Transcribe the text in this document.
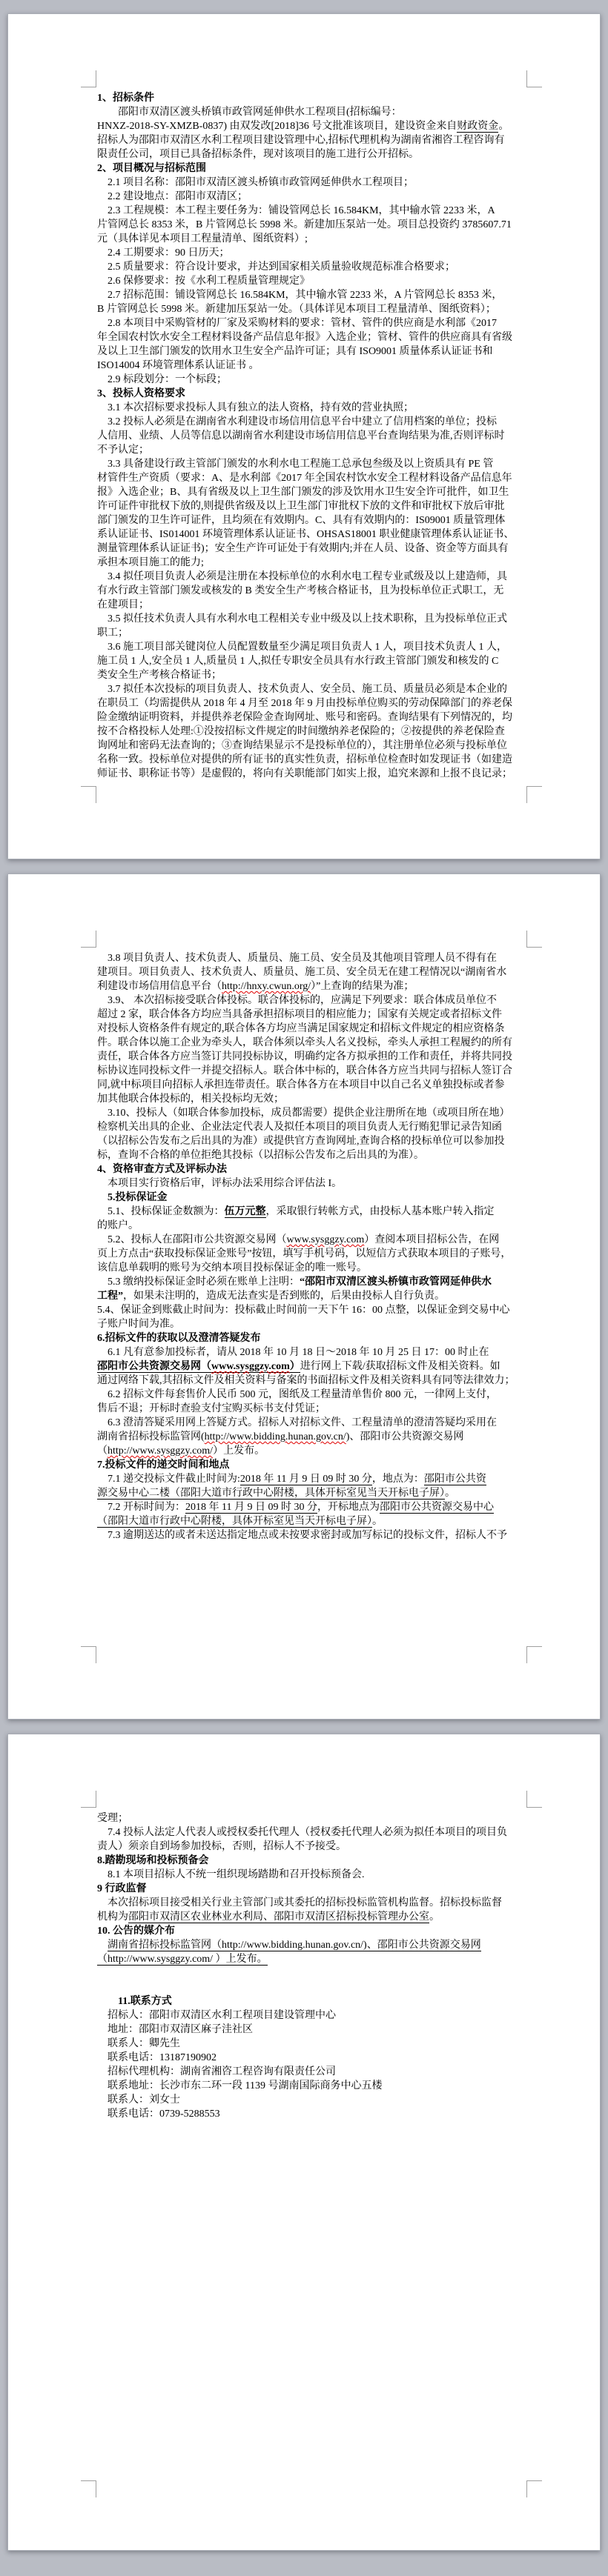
1、招标条件
邵阳市双清区渡头桥镇市政管网延伸供水工程项目(招标编号：
HNXZ-2018-SY-XMZB-0837) 由双发改[2018]36 号文批准该项目，建设资金来自财政资金。
招标人为邵阳市双清区水利工程项目建设管理中心,招标代理机构为湖南省湘咨工程咨询有
限责任公司，项目已具备招标条件，现对该项目的施工进行公开招标。
2、项目概况与招标范围
2.1 项目名称：邵阳市双清区渡头桥镇市政管网延伸供水工程项目；
2.2 建设地点：邵阳市双清区；
2.3 工程规模：本工程主要任务为：铺设管网总长 16.584KM，其中输水管 2233 米，A
片管网总长 8353 米，B 片管网总长 5998 米。新建加压泵站一处。项目总投资约 3785607.71
元（具体详见本项目工程量清单、图纸资料）;
2.4 工期要求：90 日历天；
2.5 质量要求：符合设计要求，并达到国家相关质量验收规范标准合格要求；
2.6 保修要求：按《水利工程质量管理规定》
2.7 招标范围：铺设管网总长 16.584KM，其中输水管 2233 米，A 片管网总长 8353 米，
B 片管网总长 5998 米。新建加压泵站一处。（具体详见本项目工程量清单、图纸资料）；
2.8 本项目中采购管材的厂家及采购材料的要求：管材、管件的供应商是水利部《2017
年全国农村饮水安全工程材料设备产品信息年报》入选企业；管材、管件的供应商具有省级
及以上卫生部门颁发的饮用水卫生安全产品许可证；具有 ISO9001 质量体系认证证书和
ISO14004 环境管理体系认证证书 。
2.9 标段划分：一个标段；
3、投标人资格要求
3.1 本次招标要求投标人具有独立的法人资格，持有效的营业执照；
3.2 投标人必须是在湖南省水利建设市场信用信息平台中建立了信用档案的单位；投标
人信用、业绩、人员等信息以湖南省水利建设市场信用信息平台查询结果为准,否则评标时
不予认定；
3.3 具备建设行政主管部门颁发的水利水电工程施工总承包叁级及以上资质具有 PE 管
材管件生产资质（要求：A、是水利部《2017 年全国农村饮水安全工程材料设备产品信息年
报》入选企业；B、具有省级及以上卫生部门颁发的涉及饮用水卫生安全许可批件，如卫生
许可证件审批权下放的,则提供省级及以上卫生部门审批权下放的文件和审批权下放后审批
部门颁发的卫生许可证件，且均须在有效期内。C、具有有效期内的：IS09001 质量管理体
系认证证书、IS014001 环境管理体系认证证书、OHSAS18001 职业健康管理体系认证证书、
测量管理体系认证证书)；安全生产许可证处于有效期内;并在人员、设备、资金等方面具有
承担本项目施工的能力;
3.4 拟任项目负责人必须是注册在本投标单位的水利水电工程专业贰级及以上建造师，具
有水行政主管部门颁发或核发的 B 类安全生产考核合格证书，且为投标单位正式职工，无
在建项目；
3.5 拟任技术负责人具有水利水电工程相关专业中级及以上技术职称，且为投标单位正式
职工；
3.6 施工项目部关键岗位人员配置数量至少满足项目负责人 1 人，项目技术负责人 1 人，
施工员 1 人,安全员 1 人,质量员 1 人,拟任专职安全员具有水行政主管部门颁发和核发的 C
类安全生产考核合格证书；
3.7 拟任本次投标的项目负责人、技术负责人、安全员、施工员、质量员必须是本企业的
在职员工（均需提供从 2018 年 4 月至 2018 年 9 月由投标单位购买的劳动保障部门的养老保
险金缴纳证明资料，并提供养老保险金查询网址、账号和密码。查询结果有下列情况的，均
按不合格投标人处理:①没按招标文件规定的时间缴纳养老保险的；②按提供的养老保险查
询网址和密码无法查询的；③查询结果显示不是投标单位的），其注册单位必须与投标单位
名称一致。投标单位对提供的所有证书的真实性负责，招标单位检查时如发现证书（如建造
师证书、职称证书等）是虚假的，将向有关职能部门如实上报，追究来源和上报不良记录；
3.8 项目负责人、技术负责人、质量员、施工员、安全员及其他项目管理人员不得有在
建项目。项目负责人、技术负责人、质量员、施工员、安全员无在建工程情况以“湖南省水
利建设市场信用信息平台（http://hnxy.cwun.org/）”上查询的结果为准；
3.9、 本次招标接受联合体投标。联合体投标的，应满足下列要求：联合体成员单位不
超过 2 家，联合体各方均应当具备承担招标项目的相应能力；国家有关规定或者招标文件
对投标人资格条件有规定的,联合体各方均应当满足国家规定和招标文件规定的相应资格条
件。联合体以施工企业为牵头人，联合体须以牵头人名义投标，牵头人承担工程履约的所有
责任，联合体各方应当签订共同投标协议，明确约定各方拟承担的工作和责任，并将共同投
标协议连同投标文件一并提交招标人。联合体中标的，联合体各方应当共同与招标人签订合
同,就中标项目向招标人承担连带责任。联合体各方在本项目中以自己名义单独投标或者参
加其他联合体投标的，相关投标均无效；
3.10、投标人（如联合体参加投标，成员都需要）提供企业注册所在地（或项目所在地）
检察机关出具的企业、企业法定代表人及拟任本项目的项目负责人无行贿犯罪记录告知函
（以招标公告发布之后出具的为准）或提供官方查询网址,查询合格的投标单位可以参加投
标，查询不合格的单位拒绝其投标（以招标公告发布之后出具的为准）。
4、资格审查方式及评标办法
本项目实行资格后审，评标办法采用综合评估法 I。
5.投标保证金
5.1、投标保证金数额为：伍万元整，采取银行转帐方式，由投标人基本账户转入指定
的账户。
5.2、投标人在邵阳市公共资源交易网（www.sysggzy.com）查阅本项目招标公告，在网
页上方点击“获取投标保证金账号”按钮，填写手机号码，以短信方式获取本项目的子账号，
该信息单载明的账号为交纳本项目投标保证金的唯一账号。
5.3 缴纳投标保证金时必须在账单上注明：“邵阳市双清区渡头桥镇市政管网延伸供水
工程”，如果未注明的，造成无法查实是否到账的，后果由投标人自行负责。
5.4、保证金到账截止时间为：投标截止时间前一天下午 16：00 点整，以保证金到交易中心
子账户时间为准。
6.招标文件的获取以及澄清答疑发布
6.1 凡有意参加投标者，请从 2018 年 10 月 18 日～2018 年 10 月 25 日 17：00 时止在
邵阳市公共资源交易网（www.sysggzy.com）进行网上下载/获取招标文件及相关资料。如
通过网络下载,其招标文件及相关资料与备案的书面招标文件及相关资料具有同等法律效力；
6.2 招标文件每套售价人民币 500 元，图纸及工程量清单售价 800 元，一律网上支付，
售后不退；开标时查验支付宝购买标书支付凭证；
6.3 澄清答疑采用网上答疑方式。招标人对招标文件、工程量清单的澄清答疑均采用在
湖南省招标投标监管网(http://www.bidding.hunan.gov.cn/)、邵阳市公共资源交易网
（http://www.sysggzy.com/）上发布。
7.投标文件的递交时间和地点
7.1 递交投标文件截止时间为:2018 年 11 月 9 日 09 时 30 分，地点为：邵阳市公共资
源交易中心二楼（邵阳大道市行政中心附楼，具体开标室见当天开标电子屏）。
7.2 开标时间为：2018 年 11 月 9 日 09 时 30 分，开标地点为邵阳市公共资源交易中心
（邵阳大道市行政中心附楼，具体开标室见当天开标电子屏）。
7.3 逾期送达的或者未送达指定地点或未按要求密封或加写标记的投标文件，招标人不予
受理；
7.4 投标人法定人代表人或授权委托代理人（授权委托代理人必须为拟任本项目的项目负
责人）须亲自到场参加投标，否则，招标人不予接受。
8.踏勘现场和投标预备会
8.1 本项目招标人不统一组织现场踏勘和召开投标预备会.
9 行政监督
本次招标项目接受相关行业主管部门或其委托的招标投标监管机构监督。招标投标监督
机构为邵阳市双清区农业林业水利局、邵阳市双清区招标投标管理办公室。
10. 公告的媒介布
湖南省招标投标监管网（http://www.bidding.hunan.gov.cn/)、邵阳市公共资源交易网
（http://www.sysggzy.com/ ）上发布。

11.联系方式
招标人：邵阳市双清区水利工程项目建设管理中心
地址：邵阳市双清区麻子洼社区
联系人：卿先生
联系电话：13187190902
招标代理机构：湖南省湘咨工程咨询有限责任公司
联系地址：长沙市东二环一段 1139 号湖南国际商务中心五楼
联系人：刘女士
联系电话：0739-5288553
